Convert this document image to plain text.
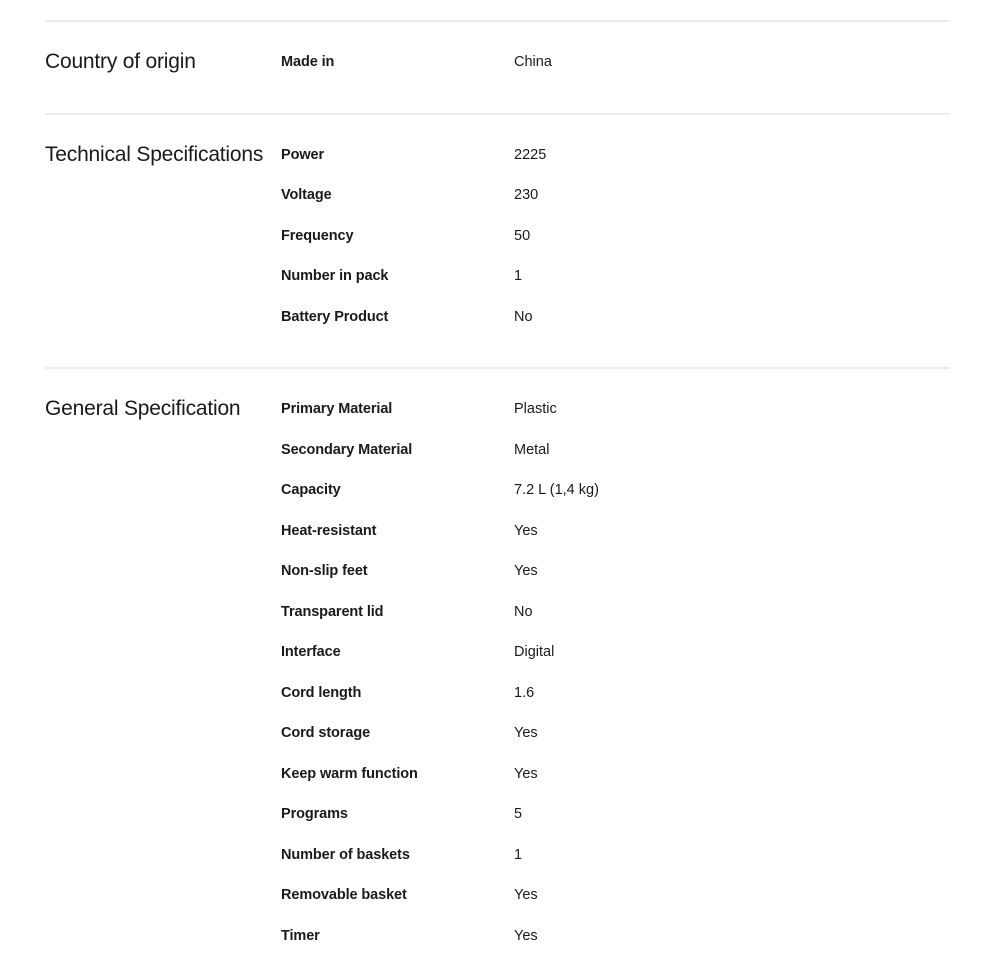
Country of origin	Made in	China
Technical Specifications	Power	2225
Voltage	230
Frequency	50
Number in pack	1
Battery Product	No
General Specification	Primary Material	Plastic
Secondary Material	Metal
Capacity	7.2 L (1,4 kg)
Heat-resistant	Yes
Non-slip feet	Yes
Transparent lid	No
Interface	Digital
Cord length	1.6
Cord storage	Yes
Keep warm function	Yes
Programs	5
Number of baskets	1
Removable basket	Yes
Timer	Yes
